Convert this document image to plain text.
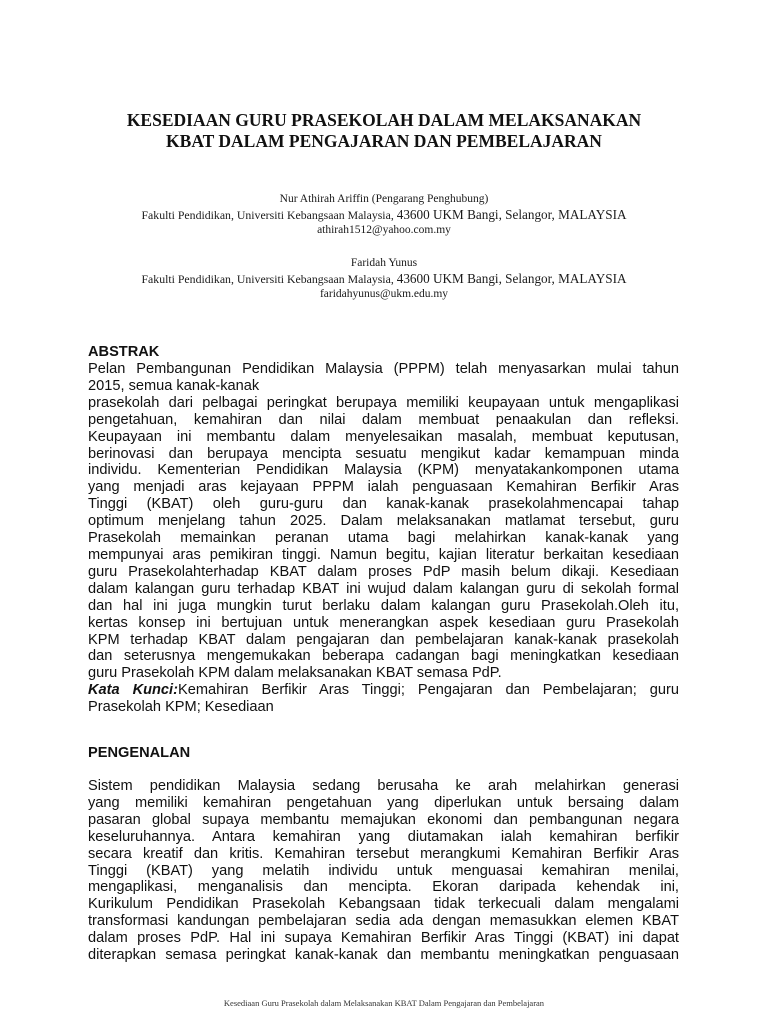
KESEDIAAN GURU PRASEKOLAH DALAM MELAKSANAKAN
KBAT DALAM PENGAJARAN DAN PEMBELAJARAN
Nur Athirah Ariffin (Pengarang Penghubung)
Fakulti Pendidikan, Universiti Kebangsaan Malaysia, 43600 UKM Bangi, Selangor, MALAYSIA
athirah1512@yahoo.com.my
Faridah Yunus
Fakulti Pendidikan, Universiti Kebangsaan Malaysia, 43600 UKM Bangi, Selangor, MALAYSIA
faridahyunus@ukm.edu.my
ABSTRAK
Pelan Pembangunan Pendidikan Malaysia (PPPM) telah menyasarkan mulai tahun
2015, semua kanak-kanak
prasekolah dari pelbagai peringkat berupaya memiliki keupayaan untuk mengaplikasi
pengetahuan, kemahiran dan nilai dalam membuat penaakulan dan refleksi.
Keupayaan ini membantu dalam menyelesaikan masalah, membuat keputusan,
berinovasi dan berupaya mencipta sesuatu mengikut kadar kemampuan minda
individu. Kementerian Pendidikan Malaysia (KPM) menyatakankomponen utama
yang menjadi aras kejayaan PPPM ialah penguasaan Kemahiran Berfikir Aras
Tinggi (KBAT) oleh guru-guru dan kanak-kanak prasekolahmencapai tahap
optimum menjelang tahun 2025. Dalam melaksanakan matlamat tersebut, guru
Prasekolah memainkan peranan utama bagi melahirkan kanak-kanak yang
mempunyai aras pemikiran tinggi. Namun begitu, kajian literatur berkaitan kesediaan
guru Prasekolahterhadap KBAT dalam proses PdP masih belum dikaji. Kesediaan
dalam kalangan guru terhadap KBAT ini wujud dalam kalangan guru di sekolah formal
dan hal ini juga mungkin turut berlaku dalam kalangan guru Prasekolah.Oleh itu,
kertas konsep ini bertujuan untuk menerangkan aspek kesediaan guru Prasekolah
KPM terhadap KBAT dalam pengajaran dan pembelajaran kanak-kanak prasekolah
dan seterusnya mengemukakan beberapa cadangan bagi meningkatkan kesediaan
guru Prasekolah KPM dalam melaksanakan KBAT semasa PdP.
Kata Kunci:Kemahiran Berfikir Aras Tinggi; Pengajaran dan Pembelajaran; guru
Prasekolah KPM; Kesediaan
PENGENALAN
Sistem pendidikan Malaysia sedang berusaha ke arah melahirkan generasi
yang memiliki kemahiran pengetahuan yang diperlukan untuk bersaing dalam
pasaran global supaya membantu memajukan ekonomi dan pembangunan negara
keseluruhannya. Antara kemahiran yang diutamakan ialah kemahiran berfikir
secara kreatif dan kritis. Kemahiran tersebut merangkumi Kemahiran Berfikir Aras
Tinggi (KBAT) yang melatih individu untuk menguasai kemahiran menilai,
mengaplikasi, menganalisis dan mencipta. Ekoran daripada kehendak ini,
Kurikulum Pendidikan Prasekolah Kebangsaan tidak terkecuali dalam mengalami
transformasi kandungan pembelajaran sedia ada dengan memasukkan elemen KBAT
dalam proses PdP. Hal ini supaya Kemahiran Berfikir Aras Tinggi (KBAT) ini dapat
diterapkan semasa peringkat kanak-kanak dan membantu meningkatkan penguasaan
Kesediaan Guru Prasekolah dalam Melaksanakan KBAT Dalam Pengajaran dan Pembelajaran
